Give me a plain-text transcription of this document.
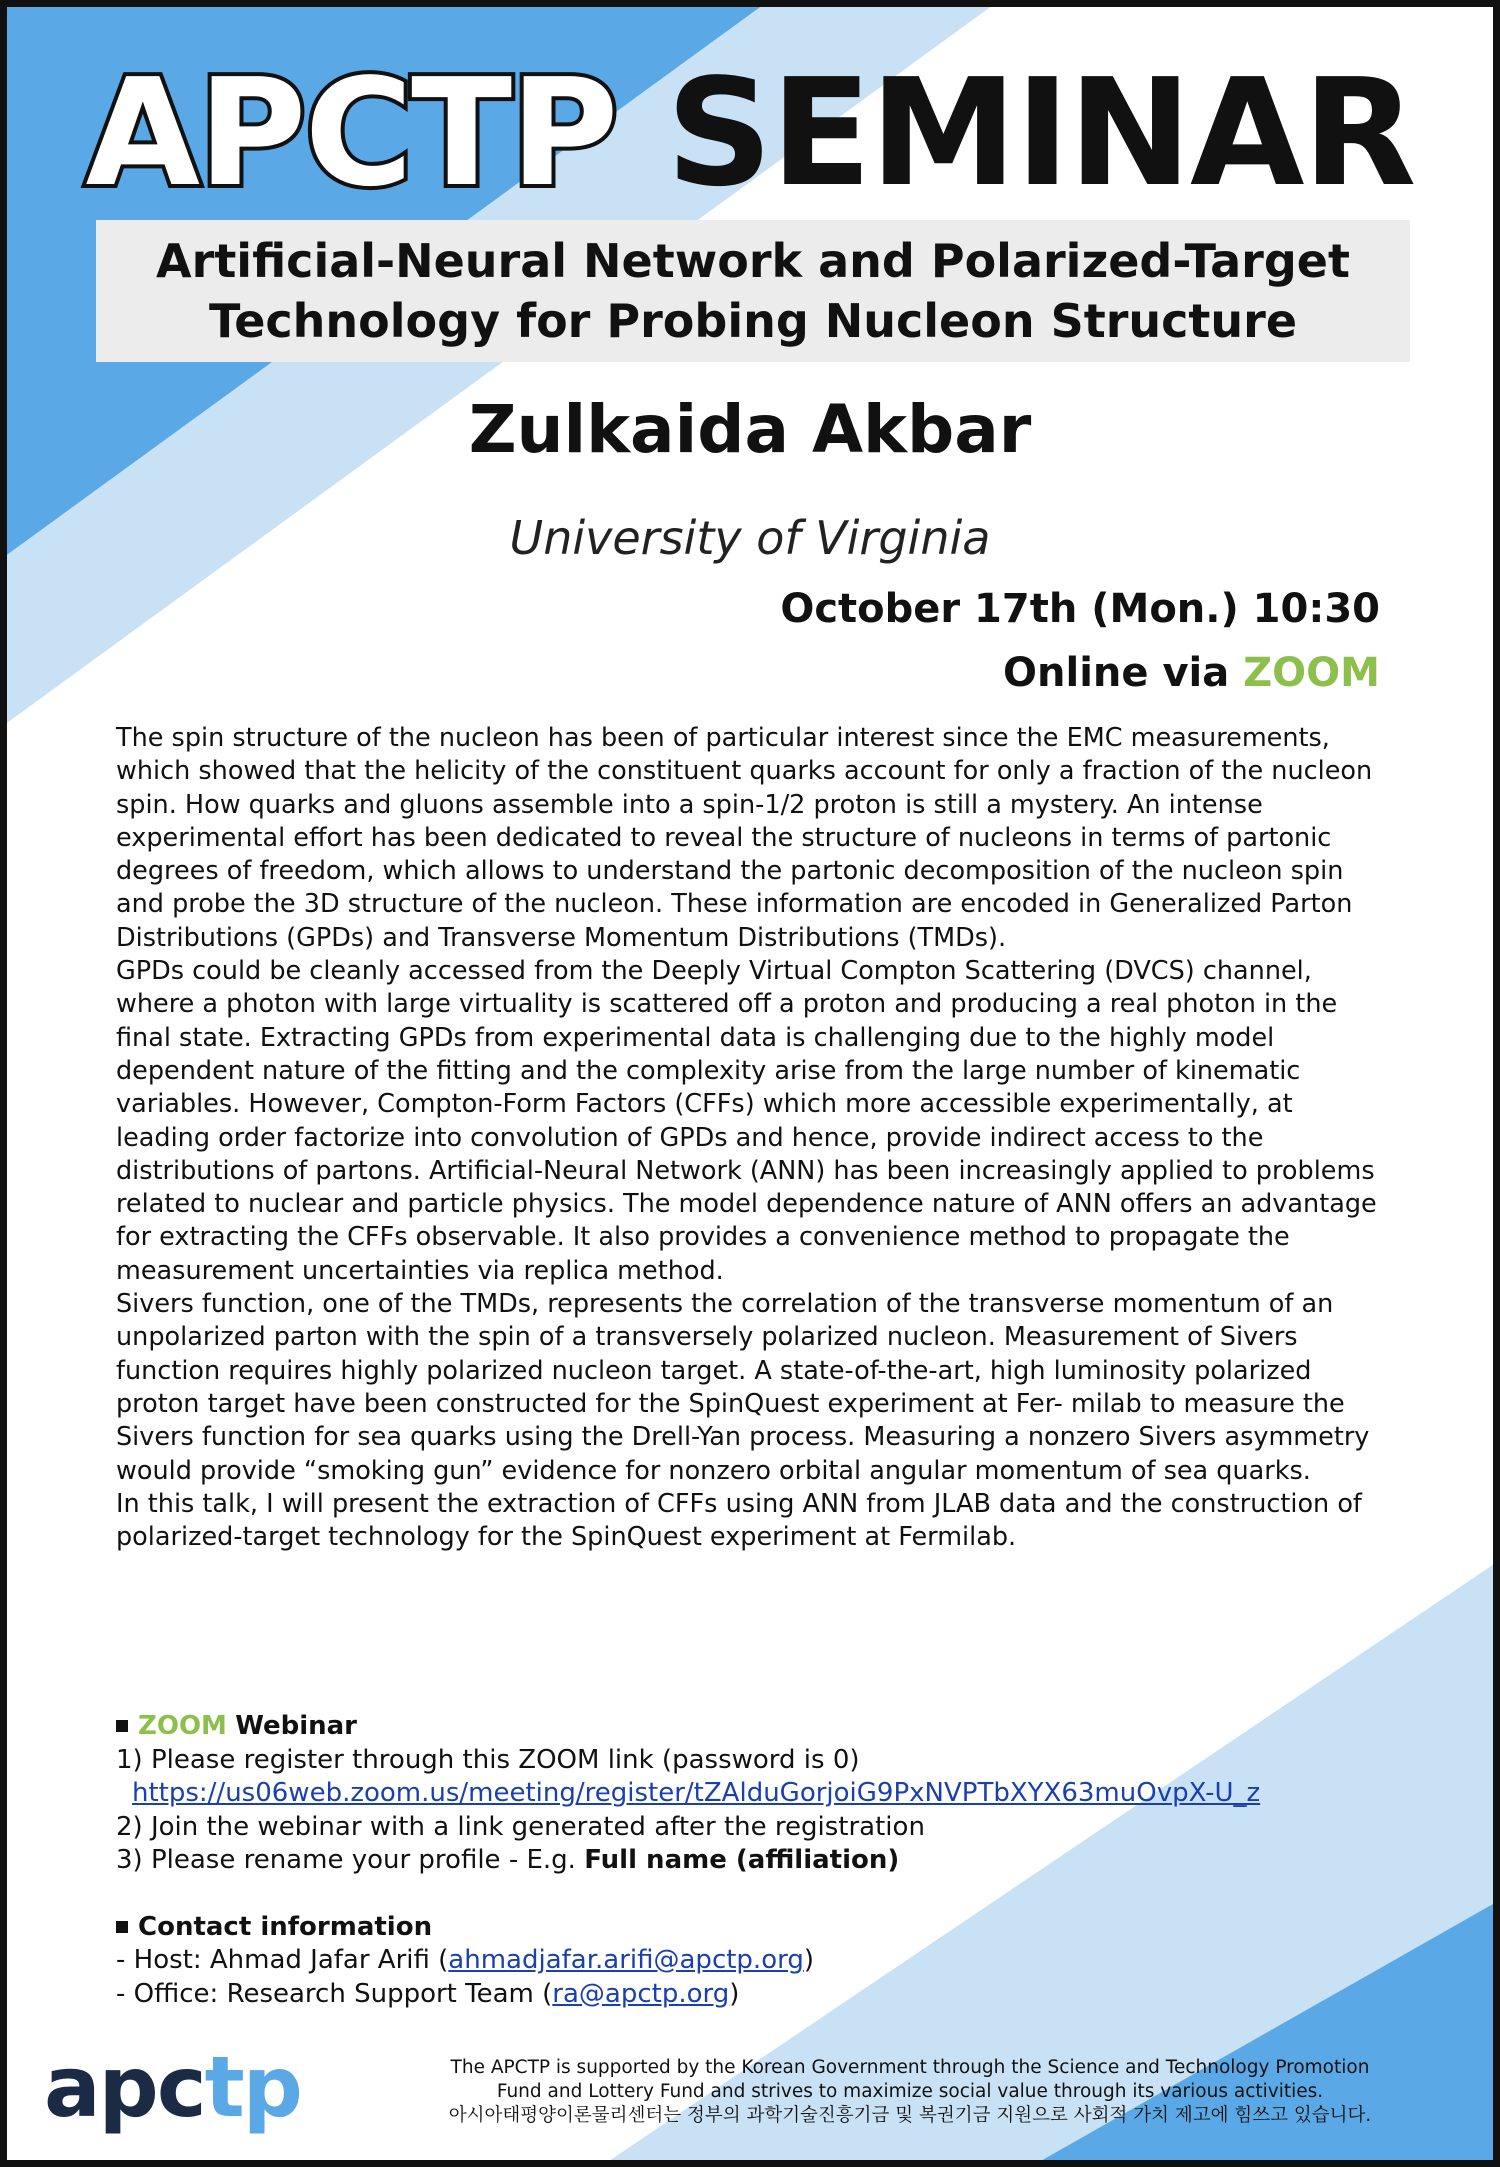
APCTP SEMINAR
Artificial-Neural Network and Polarized-Target
Technology for Probing Nucleon Structure
Zulkaida Akbar
University of Virginia
October 17th (Mon.) 10:30
Online via ZOOM

The spin structure of the nucleon has been of particular interest since the EMC measurements, which showed that the helicity of the constituent quarks account for only a fraction of the nucleon spin. How quarks and gluons assemble into a spin-1/2 proton is still a mystery. An intense experimental effort has been dedicated to reveal the structure of nucleons in terms of partonic degrees of freedom, which allows to understand the partonic decomposition of the nucleon spin and probe the 3D structure of the nucleon. These information are encoded in Generalized Parton Distributions (GPDs) and Transverse Momentum Distributions (TMDs).

GPDs could be cleanly accessed from the Deeply Virtual Compton Scattering (DVCS) channel, where a photon with large virtuality is scattered off a proton and producing a real photon in the final state. Extracting GPDs from experimental data is challenging due to the highly model dependent nature of the fitting and the complexity arise from the large number of kinematic variables. However, Compton-Form Factors (CFFs) which more accessible experimentally, at leading order factorize into convolution of GPDs and hence, provide indirect access to the distributions of partons. Artificial-Neural Network (ANN) has been increasingly applied to problems related to nuclear and particle physics. The model dependence nature of ANN offers an advantage for extracting the CFFs observable. It also provides a convenience method to propagate the measurement uncertainties via replica method.

Sivers function, one of the TMDs, represents the correlation of the transverse momentum of an unpolarized parton with the spin of a transversely polarized nucleon. Measurement of Sivers function requires highly polarized nucleon target. A state-of-the-art, high luminosity polarized proton target have been constructed for the SpinQuest experiment at Fer- milab to measure the Sivers function for sea quarks using the Drell-Yan process. Measuring a nonzero Sivers asymmetry would provide “smoking gun” evidence for nonzero orbital angular momentum of sea quarks.

In this talk, I will present the extraction of CFFs using ANN from JLAB data and the construction of polarized-target technology for the SpinQuest experiment at Fermilab.

ZOOM Webinar
1) Please register through this ZOOM link (password is 0)
https://us06web.zoom.us/meeting/register/tZAlduGorjoiG9PxNVPTbXYX63muOvpX-U_z
2) Join the webinar with a link generated after the registration
3) Please rename your profile - E.g. Full name (affiliation)
Contact information
- Host: Ahmad Jafar Arifi (ahmadjafar.arifi@apctp.org)
- Office: Research Support Team (ra@apctp.org)
apctp	The APCTP is supported by the Korean Government through the Science and Technology Promotion
Fund and Lottery Fund and strives to maximize social value through its various activities.
아시아태평양이론물리센터는 정부의 과학기술진흥기금 및 복권기금 지원으로 사회적 가치 제고에 힘쓰고 있습니다.
